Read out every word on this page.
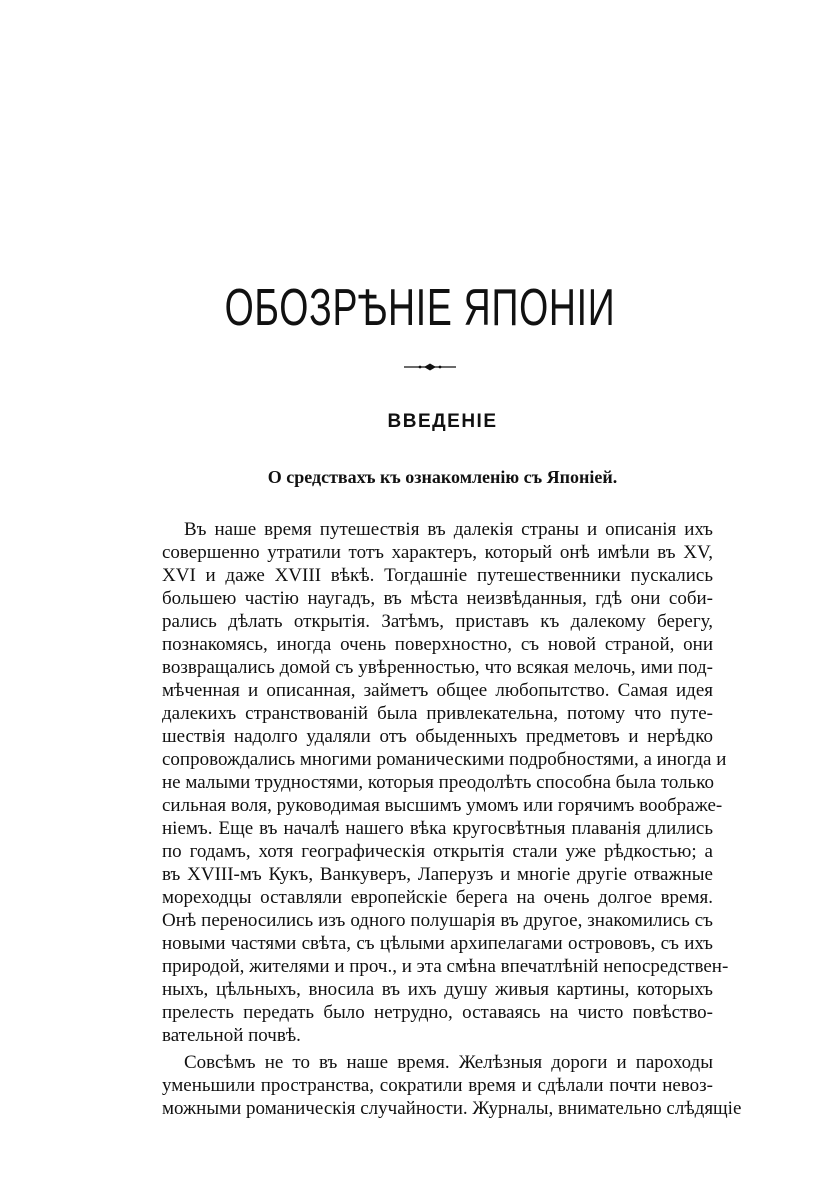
ОБОЗРѢНІЕ ЯПОНІИ
ВВЕДЕНІЕ
О средствахъ къ ознакомленію съ Японіей.
Въ наше время путешествія въ далекія страны и описанія ихъ
совершенно утратили тотъ характеръ, который онѣ имѣли въ XV,
XVI и даже XVIII вѣкѣ. Тогдашніе путешественники пускались
большею частію наугадъ, въ мѣста неизвѣданныя, гдѣ они соби-
рались дѣлать открытія. Затѣмъ, приставъ къ далекому берегу,
познакомясь, иногда очень поверхностно, съ новой страной, они
возвращались домой съ увѣренностью, что всякая мелочь, ими под-
мѣченная и описанная, займетъ общее любопытство. Самая идея
далекихъ странствованій была привлекательна, потому что путе-
шествія надолго удаляли отъ обыденныхъ предметовъ и нерѣдко
сопровождались многими романическими подробностями, а иногда и
не малыми трудностями, которыя преодолѣть способна была только
сильная воля, руководимая высшимъ умомъ или горячимъ воображе-
ніемъ. Еще въ началѣ нашего вѣка кругосвѣтныя плаванія длились
по годамъ, хотя географическія открытія стали уже рѣдкостью; а
въ XVIII-мъ Кукъ, Ванкуверъ, Лаперузъ и многіе другіе отважные
мореходцы оставляли европейскіе берега на очень долгое время.
Онѣ переносились изъ одного полушарія въ другое, знакомились съ
новыми частями свѣта, съ цѣлыми архипелагами острововъ, съ ихъ
природой, жителями и проч., и эта смѣна впечатлѣній непосредствен-
ныхъ, цѣльныхъ, вносила въ ихъ душу живыя картины, которыхъ
прелесть передать было нетрудно, оставаясь на чисто повѣство-
вательной почвѣ.
Совсѣмъ не то въ наше время. Желѣзныя дороги и пароходы
уменьшили пространства, сократили время и сдѣлали почти невоз-
можными романическія случайности. Журналы, внимательно слѣдящіе
